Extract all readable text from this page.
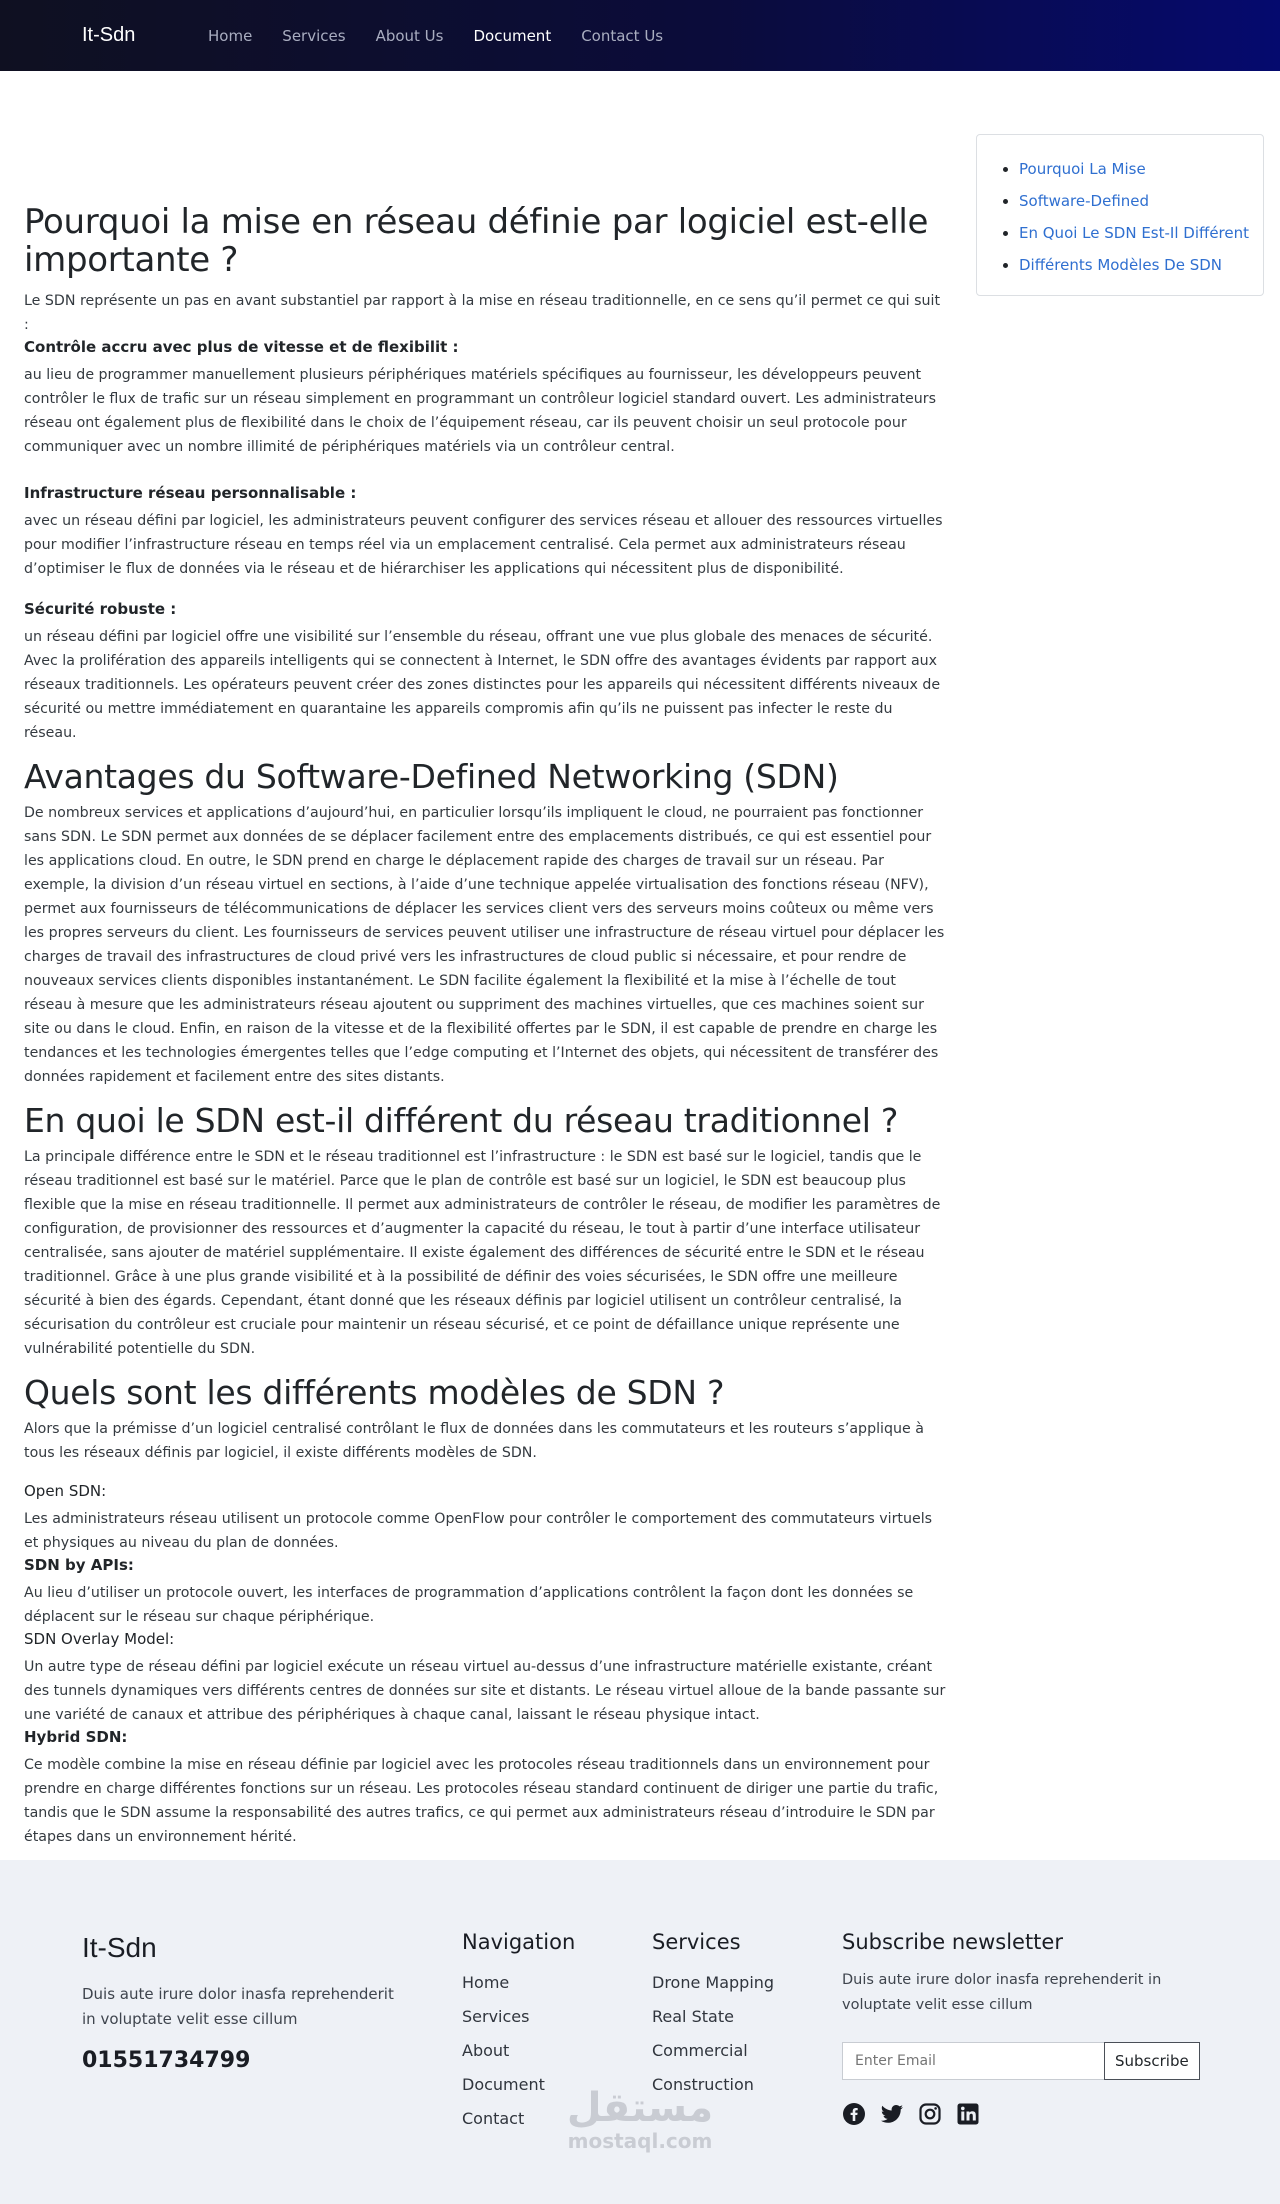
It-Sdn	Home Services About Us Document Contact Us
Pourquoi la mise en réseau définie par logiciel est-elle importante ?

Le SDN représente un pas en avant substantiel par rapport à la mise en réseau traditionnelle, en ce sens qu’il permet ce qui suit :

Contrôle accru avec plus de vitesse et de flexibilit :

au lieu de programmer manuellement plusieurs périphériques matériels spécifiques au fournisseur, les développeurs peuvent contrôler le flux de trafic sur un réseau simplement en programmant un contrôleur logiciel standard ouvert. Les administrateurs réseau ont également plus de flexibilité dans le choix de l’équipement réseau, car ils peuvent choisir un seul protocole pour communiquer avec un nombre illimité de périphériques matériels via un contrôleur central.

Infrastructure réseau personnalisable :

avec un réseau défini par logiciel, les administrateurs peuvent configurer des services réseau et allouer des ressources virtuelles pour modifier l’infrastructure réseau en temps réel via un emplacement centralisé. Cela permet aux administrateurs réseau d’optimiser le flux de données via le réseau et de hiérarchiser les applications qui nécessitent plus de disponibilité.

Sécurité robuste :

un réseau défini par logiciel offre une visibilité sur l’ensemble du réseau, offrant une vue plus globale des menaces de sécurité. Avec la prolifération des appareils intelligents qui se connectent à Internet, le SDN offre des avantages évidents par rapport aux réseaux traditionnels. Les opérateurs peuvent créer des zones distinctes pour les appareils qui nécessitent différents niveaux de sécurité ou mettre immédiatement en quarantaine les appareils compromis afin qu’ils ne puissent pas infecter le reste du réseau.

Avantages du Software-Defined Networking (SDN)

De nombreux services et applications d’aujourd’hui, en particulier lorsqu’ils impliquent le cloud, ne pourraient pas fonctionner sans SDN. Le SDN permet aux données de se déplacer facilement entre des emplacements distribués, ce qui est essentiel pour les applications cloud. En outre, le SDN prend en charge le déplacement rapide des charges de travail sur un réseau. Par exemple, la division d’un réseau virtuel en sections, à l’aide d’une technique appelée virtualisation des fonctions réseau (NFV), permet aux fournisseurs de télécommunications de déplacer les services client vers des serveurs moins coûteux ou même vers les propres serveurs du client. Les fournisseurs de services peuvent utiliser une infrastructure de réseau virtuel pour déplacer les charges de travail des infrastructures de cloud privé vers les infrastructures de cloud public si nécessaire, et pour rendre de nouveaux services clients disponibles instantanément. Le SDN facilite également la flexibilité et la mise à l’échelle de tout réseau à mesure que les administrateurs réseau ajoutent ou suppriment des machines virtuelles, que ces machines soient sur site ou dans le cloud. Enfin, en raison de la vitesse et de la flexibilité offertes par le SDN, il est capable de prendre en charge les tendances et les technologies émergentes telles que l’edge computing et l’Internet des objets, qui nécessitent de transférer des données rapidement et facilement entre des sites distants.

En quoi le SDN est-il différent du réseau traditionnel ?

La principale différence entre le SDN et le réseau traditionnel est l’infrastructure : le SDN est basé sur le logiciel, tandis que le réseau traditionnel est basé sur le matériel. Parce que le plan de contrôle est basé sur un logiciel, le SDN est beaucoup plus flexible que la mise en réseau traditionnelle. Il permet aux administrateurs de contrôler le réseau, de modifier les paramètres de configuration, de provisionner des ressources et d’augmenter la capacité du réseau, le tout à partir d’une interface utilisateur centralisée, sans ajouter de matériel supplémentaire. Il existe également des différences de sécurité entre le SDN et le réseau traditionnel. Grâce à une plus grande visibilité et à la possibilité de définir des voies sécurisées, le SDN offre une meilleure sécurité à bien des égards. Cependant, étant donné que les réseaux définis par logiciel utilisent un contrôleur centralisé, la sécurisation du contrôleur est cruciale pour maintenir un réseau sécurisé, et ce point de défaillance unique représente une vulnérabilité potentielle du SDN.

Quels sont les différents modèles de SDN ?

Alors que la prémisse d’un logiciel centralisé contrôlant le flux de données dans les commutateurs et les routeurs s’applique à tous les réseaux définis par logiciel, il existe différents modèles de SDN.

Open SDN:

Les administrateurs réseau utilisent un protocole comme OpenFlow pour contrôler le comportement des commutateurs virtuels et physiques au niveau du plan de données.

SDN by APIs:

Au lieu d’utiliser un protocole ouvert, les interfaces de programmation d’applications contrôlent la façon dont les données se déplacent sur le réseau sur chaque périphérique.

SDN Overlay Model:

Un autre type de réseau défini par logiciel exécute un réseau virtuel au-dessus d’une infrastructure matérielle existante, créant des tunnels dynamiques vers différents centres de données sur site et distants. Le réseau virtuel alloue de la bande passante sur une variété de canaux et attribue des périphériques à chaque canal, laissant le réseau physique intact.

Hybrid SDN:

Ce modèle combine la mise en réseau définie par logiciel avec les protocoles réseau traditionnels dans un environnement pour prendre en charge différentes fonctions sur un réseau. Les protocoles réseau standard continuent de diriger une partie du trafic, tandis que le SDN assume la responsabilité des autres trafics, ce qui permet aux administrateurs réseau d’introduire le SDN par étapes dans un environnement hérité.

• Pourquoi La Mise
• Software-Defined
• En Quoi Le SDN Est-Il Différent
• Différents Modèles De SDN
It-Sdn

Duis aute irure dolor inasfa reprehenderit in voluptate velit esse cillum

01551734799
Navigation
Home
Services
About
Document
Contact
Services
Drone Mapping
Real State
Commercial
Construction
Subscribe newsletter

Duis aute irure dolor inasfa reprehenderit in voluptate velit esse cillum

Enter Email
Subscribe
مستقل
mostaql.com
